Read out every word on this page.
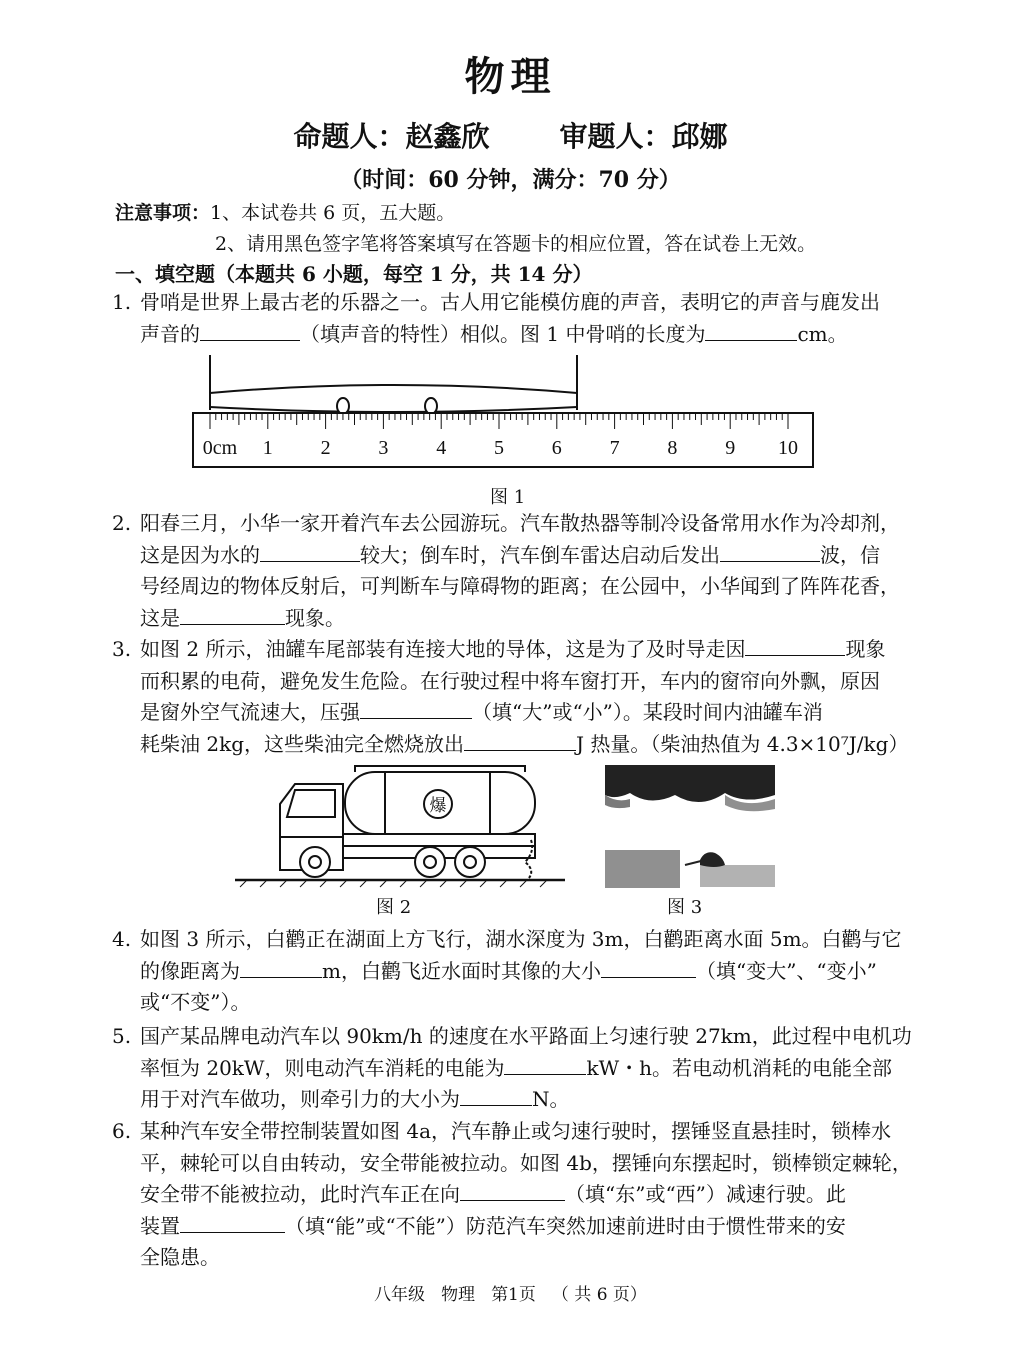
物理
命题人：赵鑫欣	审题人：邱娜
（时间：60 分钟，满分：70 分）
注意事项：1、本试卷共 6 页，五大题。
2、请用黑色签字笔将答案填写在答题卡的相应位置，答在试卷上无效。
一、填空题（本题共 6 小题，每空 1 分，共 14 分）
1. 骨哨是世界上最古老的乐器之一。古人用它能模仿鹿的声音，表明它的声音与鹿发出
声音的	（填声音的特性）相似。图 1 中骨哨的长度为	cm。
0cm 1 2 3 4 5 6 7 8 9 10
图 1
2. 阳春三月，小华一家开着汽车去公园游玩。汽车散热器等制冷设备常用水作为冷却剂，
这是因为水的	较大；倒车时，汽车倒车雷达启动后发出	波，信
号经周边的物体反射后，可判断车与障碍物的距离；在公园中，小华闻到了阵阵花香，
这是	现象。
3. 如图 2 所示，油罐车尾部装有连接大地的导体，这是为了及时导走因	现象
而积累的电荷，避免发生危险。在行驶过程中将车窗打开，车内的窗帘向外飘，原因
是窗外空气流速大，压强	（填“大”或“小”）。某段时间内油罐车消
耗柴油 2kg，这些柴油完全燃烧放出	J 热量。（柴油热值为 4.3×10⁷J/kg）
爆
图 2	图 3
4. 如图 3 所示，白鹳正在湖面上方飞行，湖水深度为 3m，白鹳距离水面 5m。白鹳与它
的像距离为	m，白鹳飞近水面时其像的大小	（填“变大”、“变小”
或“不变”）。
5. 国产某品牌电动汽车以 90km/h 的速度在水平路面上匀速行驶 27km，此过程中电机功
率恒为 20kW，则电动汽车消耗的电能为	kW・h。若电动机消耗的电能全部
用于对汽车做功，则牵引力的大小为	N。
6. 某种汽车安全带控制装置如图 4a，汽车静止或匀速行驶时，摆锤竖直悬挂时，锁棒水
平，棘轮可以自由转动，安全带能被拉动。如图 4b，摆锤向东摆起时，锁棒锁定棘轮，
安全带不能被拉动，此时汽车正在向	（填“东”或“西”）减速行驶。此
装置	（填“能”或“不能”）防范汽车突然加速前进时由于惯性带来的安
全隐患。
八年级 物理 第1页 （ 共 6 页）
